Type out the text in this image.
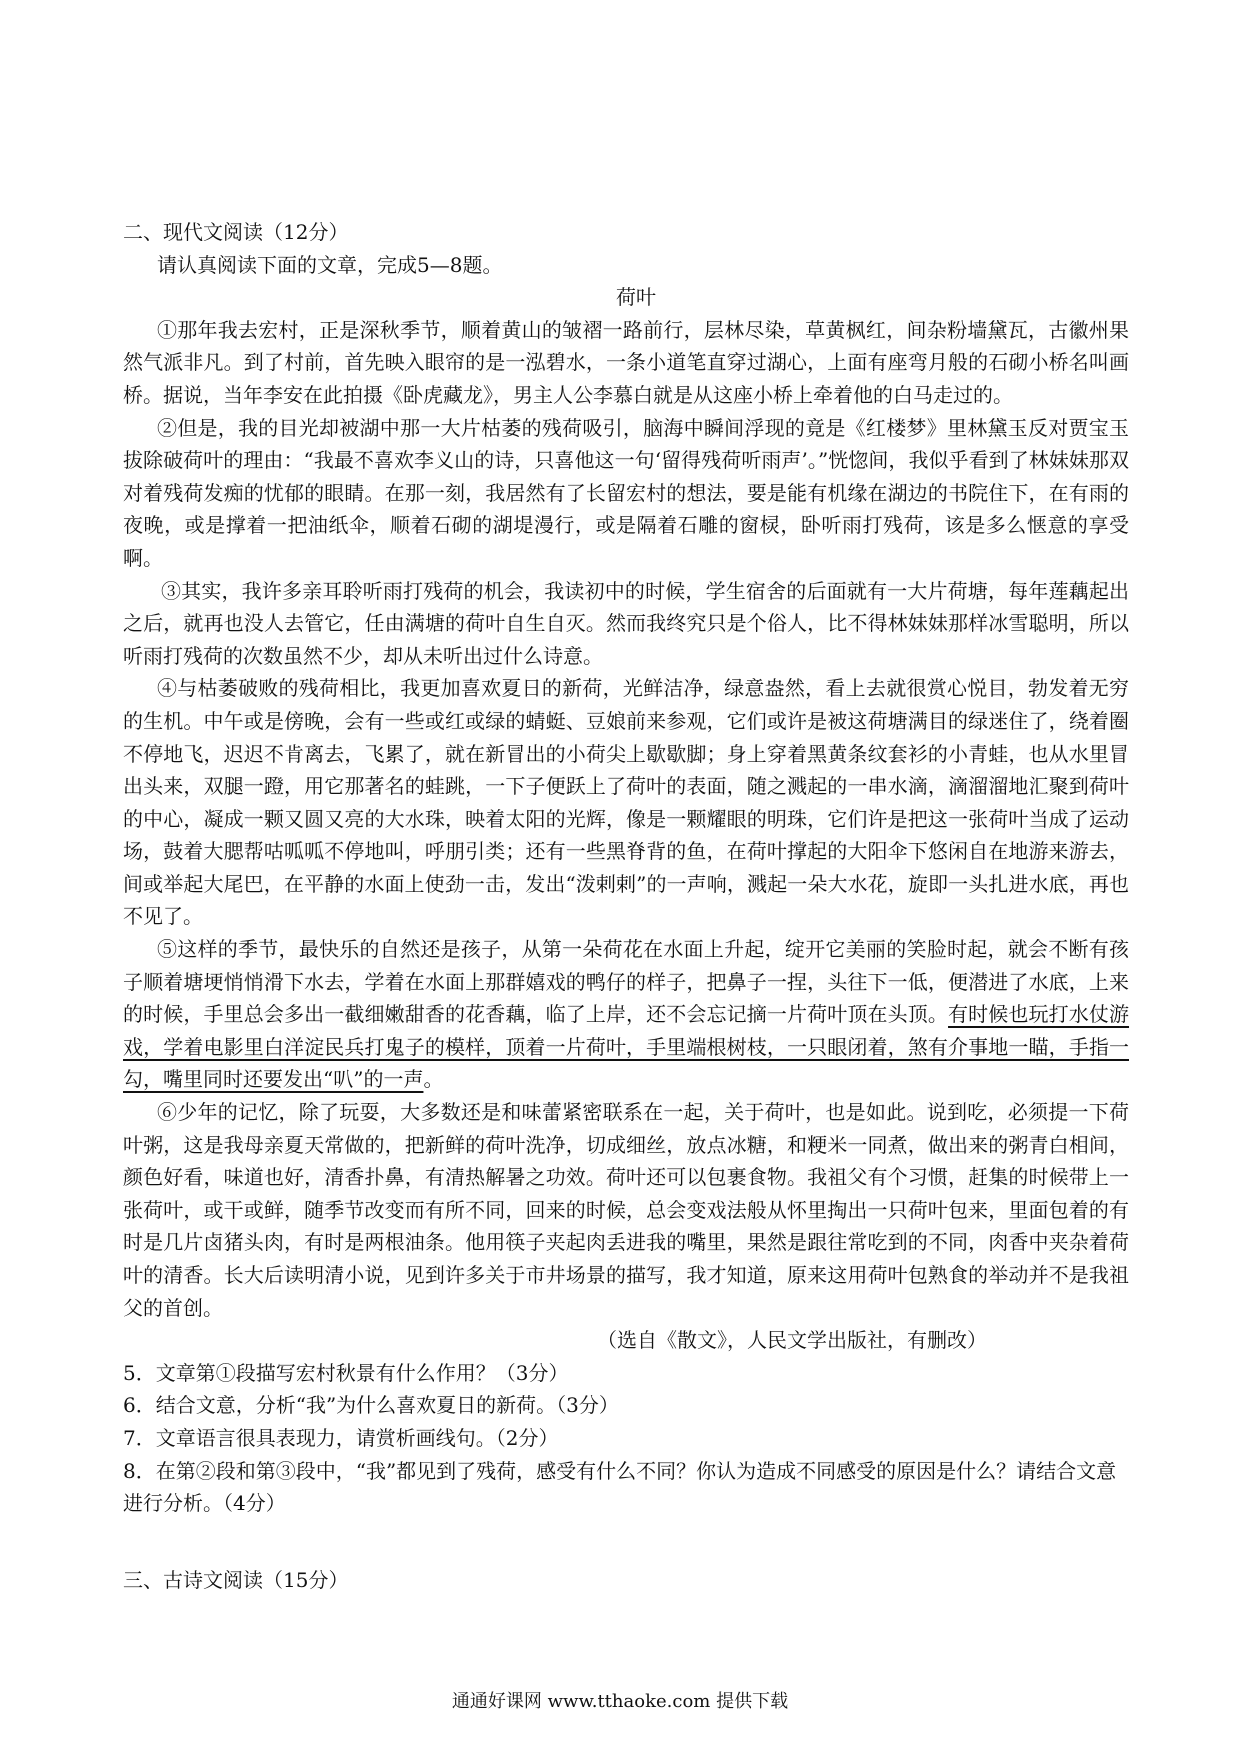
二、现代文阅读（12分）

请认真阅读下面的文章，完成5—8题。

荷叶

①那年我去宏村，正是深秋季节，顺着黄山的皱褶一路前行，层林尽染，草黄枫红，间杂粉墙黛瓦，古徽州果然气派非凡。到了村前，首先映入眼帘的是一泓碧水，一条小道笔直穿过湖心，上面有座弯月般的石砌小桥名叫画桥。据说，当年李安在此拍摄《卧虎藏龙》，男主人公李慕白就是从这座小桥上牵着他的白马走过的。

②但是，我的目光却被湖中那一大片枯萎的残荷吸引，脑海中瞬间浮现的竟是《红楼梦》里林黛玉反对贾宝玉拔除破荷叶的理由：“我最不喜欢李义山的诗，只喜他这一句‘留得残荷听雨声’。”恍惚间，我似乎看到了林妹妹那双对着残荷发痴的忧郁的眼睛。在那一刻，我居然有了长留宏村的想法，要是能有机缘在湖边的书院住下，在有雨的夜晚，或是撑着一把油纸伞，顺着石砌的湖堤漫行，或是隔着石雕的窗棂，卧听雨打残荷，该是多么惬意的享受啊。

③其实，我许多亲耳聆听雨打残荷的机会，我读初中的时候，学生宿舍的后面就有一大片荷塘，每年莲藕起出之后，就再也没人去管它，任由满塘的荷叶自生自灭。然而我终究只是个俗人，比不得林妹妹那样冰雪聪明，所以听雨打残荷的次数虽然不少，却从未听出过什么诗意。

④与枯萎破败的残荷相比，我更加喜欢夏日的新荷，光鲜洁净，绿意盎然，看上去就很赏心悦目，勃发着无穷的生机。中午或是傍晚，会有一些或红或绿的蜻蜓、豆娘前来参观，它们或许是被这荷塘满目的绿迷住了，绕着圈不停地飞，迟迟不肯离去，飞累了，就在新冒出的小荷尖上歇歇脚；身上穿着黑黄条纹套衫的小青蛙，也从水里冒出头来，双腿一蹬，用它那著名的蛙跳，一下子便跃上了荷叶的表面，随之溅起的一串水滴，滴溜溜地汇聚到荷叶的中心，凝成一颗又圆又亮的大水珠，映着太阳的光辉，像是一颗耀眼的明珠，它们许是把这一张荷叶当成了运动场，鼓着大腮帮咕呱呱不停地叫，呼朋引类；还有一些黑脊背的鱼，在荷叶撑起的大阳伞下悠闲自在地游来游去，间或举起大尾巴，在平静的水面上使劲一击，发出“泼剌剌”的一声响，溅起一朵大水花，旋即一头扎进水底，再也不见了。

⑤这样的季节，最快乐的自然还是孩子，从第一朵荷花在水面上升起，绽开它美丽的笑脸时起，就会不断有孩子顺着塘埂悄悄滑下水去，学着在水面上那群嬉戏的鸭仔的样子，把鼻子一捏，头往下一低，便潜进了水底，上来的时候，手里总会多出一截细嫩甜香的花香藕，临了上岸，还不会忘记摘一片荷叶顶在头顶。有时候也玩打水仗游戏，学着电影里白洋淀民兵打鬼子的模样，顶着一片荷叶，手里端根树枝，一只眼闭着，煞有介事地一瞄，手指一勾，嘴里同时还要发出“叭”的一声。

⑥少年的记忆，除了玩耍，大多数还是和味蕾紧密联系在一起，关于荷叶，也是如此。说到吃，必须提一下荷叶粥，这是我母亲夏天常做的，把新鲜的荷叶洗净，切成细丝，放点冰糖，和粳米一同煮，做出来的粥青白相间，颜色好看，味道也好，清香扑鼻，有清热解暑之功效。荷叶还可以包裹食物。我祖父有个习惯，赶集的时候带上一张荷叶，或干或鲜，随季节改变而有所不同，回来的时候，总会变戏法般从怀里掏出一只荷叶包来，里面包着的有时是几片卤猪头肉，有时是两根油条。他用筷子夹起肉丢进我的嘴里，果然是跟往常吃到的不同，肉香中夹杂着荷叶的清香。长大后读明清小说，见到许多关于市井场景的描写，我才知道，原来这用荷叶包熟食的举动并不是我祖父的首创。

（选自《散文》，人民文学出版社，有删改）

5．文章第①段描写宏村秋景有什么作用？（3分）

6．结合文意，分析“我”为什么喜欢夏日的新荷。（3分）

7．文章语言很具表现力，请赏析画线句。（2分）

8．在第②段和第③段中，“我”都见到了残荷，感受有什么不同？你认为造成不同感受的原因是什么？请结合文意进行分析。（4分）

三、古诗文阅读（15分）

通通好课网 www.tthaoke.com 提供下载
